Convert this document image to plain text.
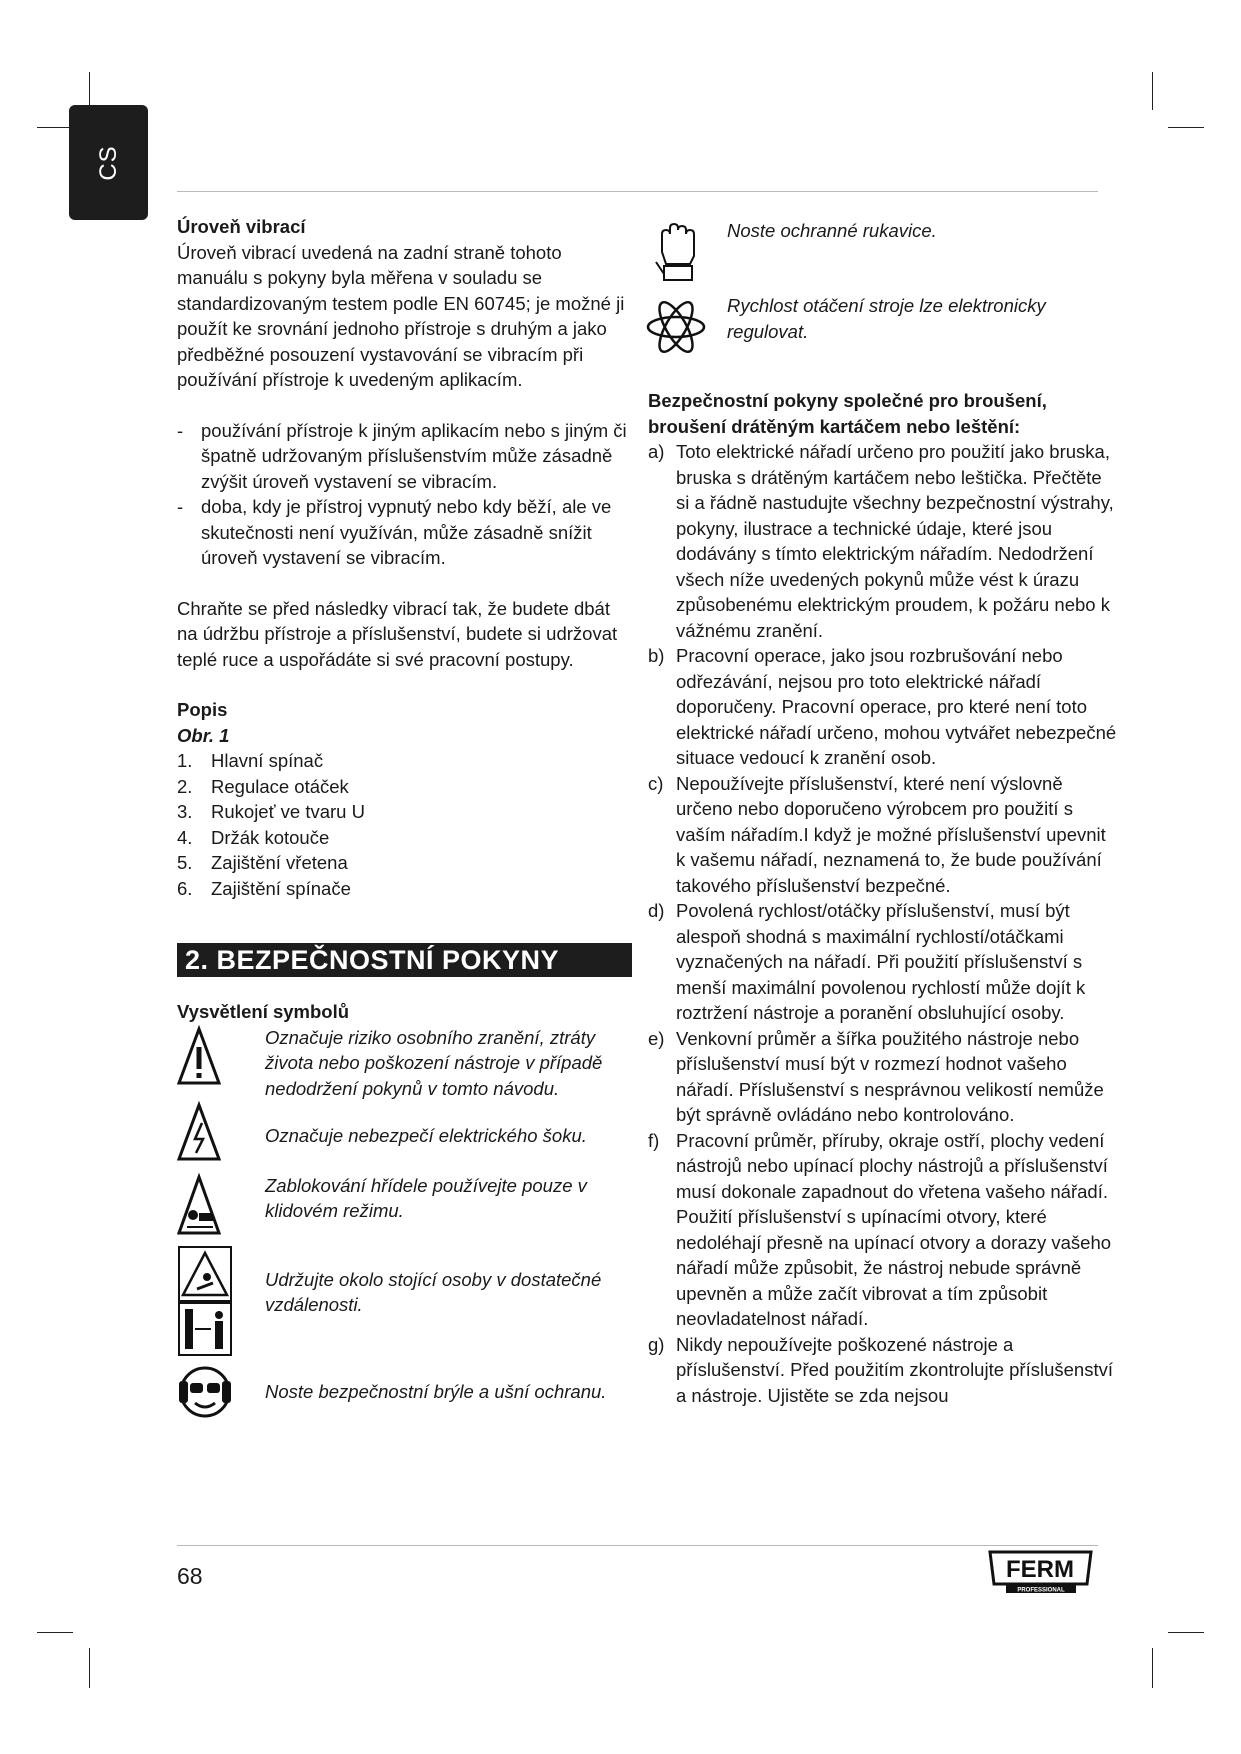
CS

Úroveň vibrací

Úroveň vibrací uvedená na zadní straně tohoto manuálu s pokyny byla měřena v souladu se standardizovaným testem podle EN 60745; je možné ji použít ke srovnání jednoho přístroje s druhým a jako předběžné posouzení vystavování se vibracím při používání přístroje k uvedeným aplikacím.

- používání přístroje k jiným aplikacím nebo s jiným či špatně udržovaným příslušenstvím může zásadně zvýšit úroveň vystavení se vibracím.
- doba, kdy je přístroj vypnutý nebo kdy běží, ale ve skutečnosti není využíván, může zásadně snížit úroveň vystavení se vibracím.

Chraňte se před následky vibrací tak, že budete dbát na údržbu přístroje a příslušenství, budete si udržovat teplé ruce a uspořádáte si své pracovní postupy.

Popis

Obr. 1

1.	Hlavní spínač
2.	Regulace otáček
3.	Rukojeť ve tvaru U
4.	Držák kotouče
5.	Zajištění vřetena
6.	Zajištění spínače

2. BEZPEČNOSTNÍ POKYNY

Vysvětlení symbolů

Označuje riziko osobního zranění, ztráty života nebo poškození nástroje v případě nedodržení pokynů v tomto návodu.
Označuje nebezpečí elektrického šoku.
Zablokování hřídele používejte pouze v klidovém režimu.
Udržujte okolo stojící osoby v dostatečné vzdálenosti.
Noste bezpečnostní brýle a ušní ochranu.
Noste ochranné rukavice.
Rychlost otáčení stroje lze elektronicky regulovat.

Bezpečnostní pokyny společné pro broušení, broušení drátěným kartáčem nebo leštění:

a) Toto elektrické nářadí určeno pro použití jako bruska, bruska s drátěným kartáčem nebo leštička. Přečtěte si a řádně nastudujte všechny bezpečnostní výstrahy, pokyny, ilustrace a technické údaje, které jsou dodávány s tímto elektrickým nářadím. Nedodržení všech níže uvedených pokynů může vést k úrazu způsobenému elektrickým proudem, k požáru nebo k vážnému zranění.
b) Pracovní operace, jako jsou rozbrušování nebo odřezávání, nejsou pro toto elektrické nářadí doporučeny. Pracovní operace, pro které není toto elektrické nářadí určeno, mohou vytvářet nebezpečné situace vedoucí k zranění osob.
c) Nepoužívejte příslušenství, které není výslovně určeno nebo doporučeno výrobcem pro použití s vaším nářadím.I když je možné příslušenství upevnit k vašemu nářadí, neznamená to, že bude používání takového příslušenství bezpečné.
d) Povolená rychlost/otáčky příslušenství, musí být alespoň shodná s maximální rychlostí/otáčkami vyznačených na nářadí. Při použití příslušenství s menší maximální povolenou rychlostí může dojít k roztržení nástroje a poranění obsluhující osoby.
e) Venkovní průměr a šířka použitého nástroje nebo příslušenství musí být v rozmezí hodnot vašeho nářadí. Příslušenství s nesprávnou velikostí nemůže být správně ovládáno nebo kontrolováno.
f) Pracovní průměr, příruby, okraje ostří, plochy vedení nástrojů nebo upínací plochy nástrojů a příslušenství musí dokonale zapadnout do vřetena vašeho nářadí. Použití příslušenství s upínacími otvory, které nedoléhají přesně na upínací otvory a dorazy vašeho nářadí může způsobit, že nástroj nebude správně upevněn a může začít vibrovat a tím způsobit neovladatelnost nářadí.
g) Nikdy nepoužívejte poškozené nástroje a příslušenství. Před použitím zkontrolujte příslušenství a nástroje. Ujistěte se zda nejsou
68	FERM
PROFESSIONAL
